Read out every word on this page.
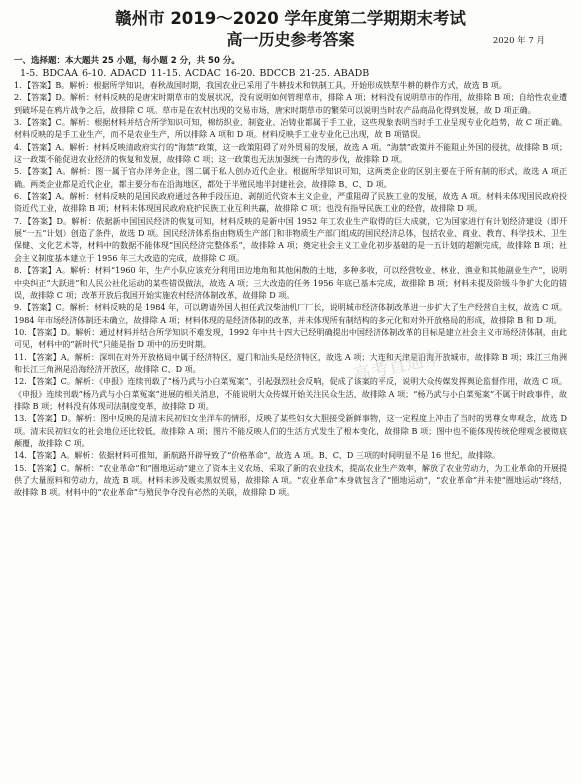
赣州市 2019～2020 学年度第二学期期末考试
高一历史参考答案	2020 年 7 月
一、选择题：本大题共 25 小题，每小题 2 分，共 50 分。
1-5. BDCAA 6-10. ADACD 11-15. ACDAC 16-20. BDCCB 21-25. ABADB

1．【答案】B。解析：根据所学知识，春秋战国时期，我国农业已采用了牛耕技术和铁制工具，开始形成铁犁牛耕的耕作方式，故选 B 项。

2．【答案】D。解析：材料反映的是唐宋时期草市的发展状况，没有说明如何管理草市，排除 A 项；材料没有说明草市的作用，故排除 B 项；自给性农业遭到破坏是在鸦片战争之后，故排除 C 项。草市是在农村出现的交易市场，唐宋时期草市的繁荣可以说明当时农产品商品化得到发展，故 D 项正确。

3．【答案】C。解析：根据材料并结合所学知识可知，棉纺织业、制瓷业、冶铸业都属于手工业，这些现象表明当时手工业呈现专业化趋势，故 C 项正确。材料反映的是手工业生产，而不是农业生产，所以排除 A 项和 D 项。材料反映手工业专业化已出现，故 B 项错误。

4．【答案】A。解析：材料反映清政府实行的“海禁”政策，这一政策阻碍了对外贸易的发展，故选 A 项。“海禁”政策并不能阻止外国的侵扰，故排除 B 项；这一政策不能促进农业经济的恢复和发展，故排除 C 项；这一政策也无法加强统一台湾的步伐，故排除 D 项。

5．【答案】A。解析：图一属于官办洋务企业，图二属于私人创办近代企业。根据所学知识可知，这两类企业的区别主要在于所有制的形式，故选 A 项正确。两类企业都是近代企业，都主要分布在沿海地区，都处于半殖民地半封建社会，故排除 B、C、D 项。

6．【答案】A。解析：材料反映的是国民政府通过各种手段压迫、剥削近代资本主义企业，严重阻碍了民族工业的发展，故选 A 项。材料未体现国民政府投资近代工业，故排除 B 项；材料未体现国民政府庇护民族工业互利共赢，故排除 C 项；也没有指导民族工业的经营，故排除 D 项。

7．【答案】D。解析：依据新中国国民经济的恢复可知，材料反映的是新中国 1952 年工农业生产取得的巨大成就，它为国家进行有计划经济建设（即开展“一五”计划）创造了条件，故选 D 项。国民经济体系指由物质生产部门和非物质生产部门组成的国民经济总体，包括农业、商业、教育、科学技术、卫生保健、文化艺术等，材料中的数据不能体现“国民经济完整体系”，故排除 A 项；奠定社会主义工业化初步基础的是一五计划的超额完成，故排除 B 项；社会主义制度基本建立于 1956 年三大改造的完成，故排除 C 项。

8．【答案】A。解析：材料“1960 年，生产小队应该充分利用田边地角和其他闲散的土地，多种多收，可以经营牧业、林业、渔业和其他副业生产”，说明中央纠正“大跃进”和人民公社化运动的某些错误做法，故选 A 项；三大改造的任务 1956 年底已基本完成，故排除 B 项；材料未提及阶级斗争扩大化的错误，故排除 C 项；改革开放后我国开始实施农村经济体制改革，故排除 D 项。

9．【答案】C。解析：材料反映的是 1984 年，可以聘请外国人担任武汉柴油机厂厂长，说明城市经济体制改革进一步扩大了生产经营自主权，故选 C 项。1984 年市场经济体制还未确立，故排除 A 项；材料体现的是经济体制的改革，并未体现所有制结构的多元化和对外开放格局的形成，故排除 B 和 D 项。

10．【答案】D。解析：通过材料并结合所学知识不难发现，1992 年中共十四大已经明确提出中国经济体制改革的目标是建立社会主义市场经济体制，由此可见，材料中的“新时代”只能是指 D 项中的历史时期。

11．【答案】A。解析：深圳在对外开放格局中属于经济特区，厦门和汕头是经济特区，故选 A 项；大连和天津是沿海开放城市，故排除 B 项；珠江三角洲和长江三角洲是沿海经济开放区，故排除 C、D 项。

12．【答案】C。解析：《申报》连续刊载了“杨乃武与小白菜冤案”，引起强烈社会反响，促成了该案的平反，说明大众传媒发挥舆论监督作用，故选 C 项。《申报》连续刊载“杨乃武与小白菜冤案”进展的相关消息，不能说明大众传媒开始关注民众生活，故排除 A 项；“杨乃武与小白菜冤案”不属于时政事件，故排除 B 项；材料没有体现司法制度变革，故排除 D 项。

13．【答案】D。解析：图中反映的是清末民初妇女坐洋车的情形，反映了某些妇女大胆接受新鲜事物，这一定程度上冲击了当时的男尊女卑观念，故选 D 项。清末民初妇女的社会地位还比较低，故排除 A 项；图片不能反映人们的生活方式发生了根本变化，故排除 B 项；图中也不能体现传统伦理观念被彻底颠覆，故排除 C 项。

14．【答案】A。解析：依据材料可推知，新航路开辟导致了“价格革命”，故选 A 项。B、C、D 三项的时间明显不是 16 世纪，故排除。

15．【答案】C。解析：“农业革命”和“圈地运动”建立了资本主义农场、采取了新的农业技术，提高农业生产效率，解放了农业劳动力，为工业革命的开展提供了大量原料和劳动力，故选 B 项。材料未涉及贩卖黑奴贸易，故排除 A 项。“农业革命”本身就包含了“圈地运动”，“农业革命”并未使“圈地运动”终结，故排除 B 项。材料中的“农业革命”与殖民争夺没有必然的关联，故排除 D 项。

高考直通车
